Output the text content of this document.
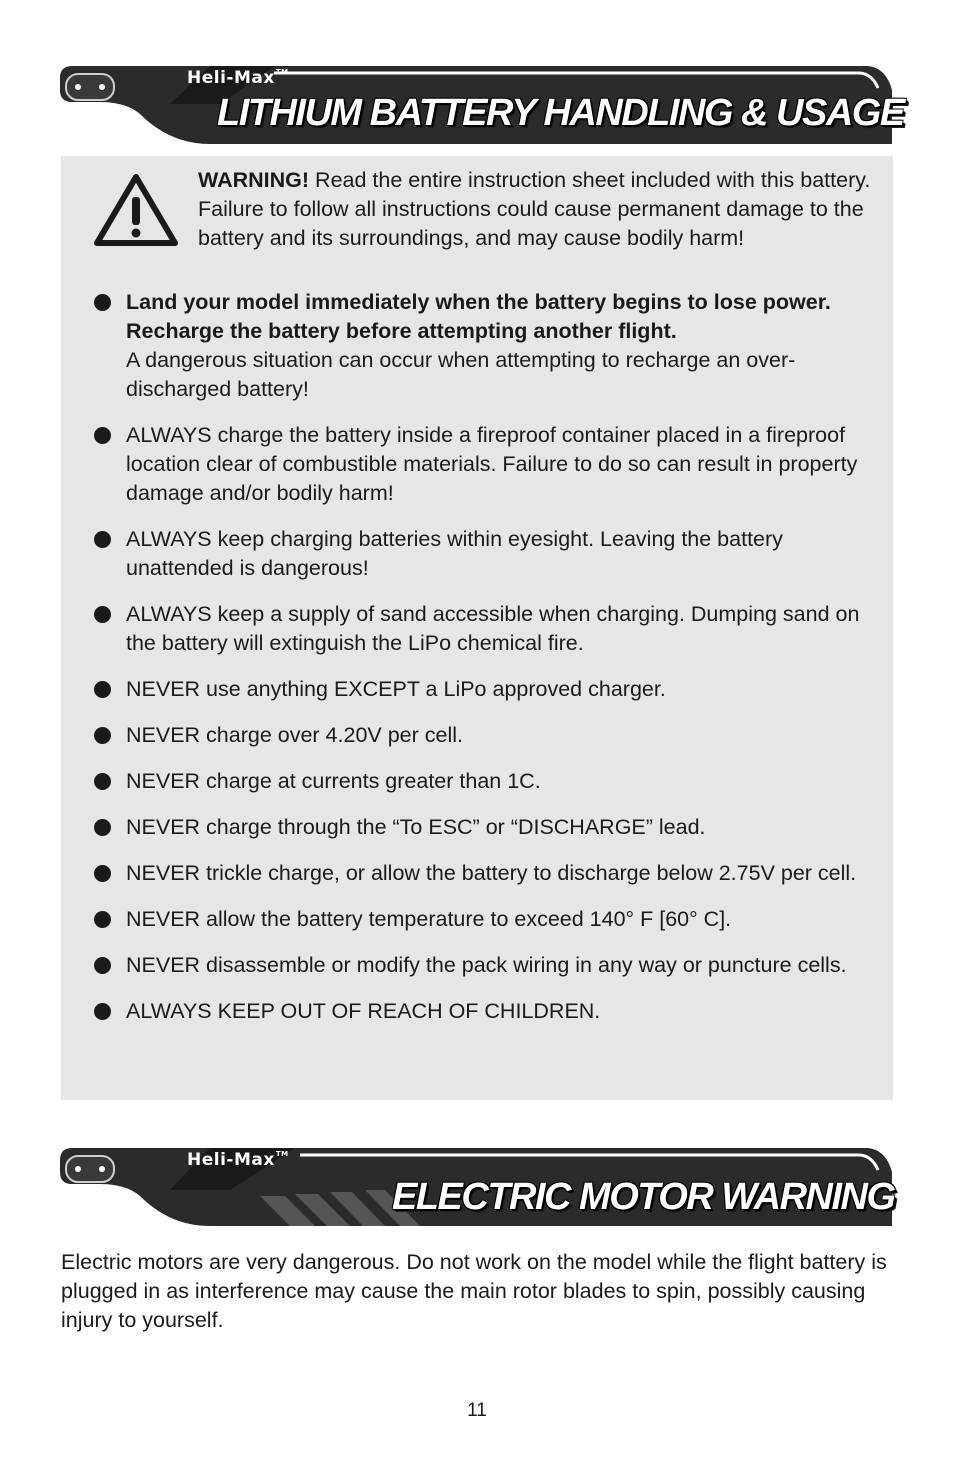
Heli-Max™
LITHIUM BATTERY HANDLING & USAGE
WARNING! Read the entire instruction sheet included with this battery. Failure to follow all instructions could cause permanent damage to the battery and its surroundings, and may cause bodily harm!
Land your model immediately when the battery begins to lose power. Recharge the battery before attempting another flight.
A dangerous situation can occur when attempting to recharge an over-discharged battery!
ALWAYS charge the battery inside a fireproof container placed in a fireproof location clear of combustible materials. Failure to do so can result in property damage and/or bodily harm!
ALWAYS keep charging batteries within eyesight. Leaving the battery unattended is dangerous!
ALWAYS keep a supply of sand accessible when charging. Dumping sand on the battery will extinguish the LiPo chemical fire.
NEVER use anything EXCEPT a LiPo approved charger.
NEVER charge over 4.20V per cell.
NEVER charge at currents greater than 1C.
NEVER charge through the “To ESC” or “DISCHARGE” lead.
NEVER trickle charge, or allow the battery to discharge below 2.75V per cell.
NEVER allow the battery temperature to exceed 140° F [60° C].
NEVER disassemble or modify the pack wiring in any way or puncture cells.
ALWAYS KEEP OUT OF REACH OF CHILDREN.
Heli-Max™
ELECTRIC MOTOR WARNING
Electric motors are very dangerous. Do not work on the model while the flight battery is plugged in as interference may cause the main rotor blades to spin, possibly causing injury to yourself.
11
